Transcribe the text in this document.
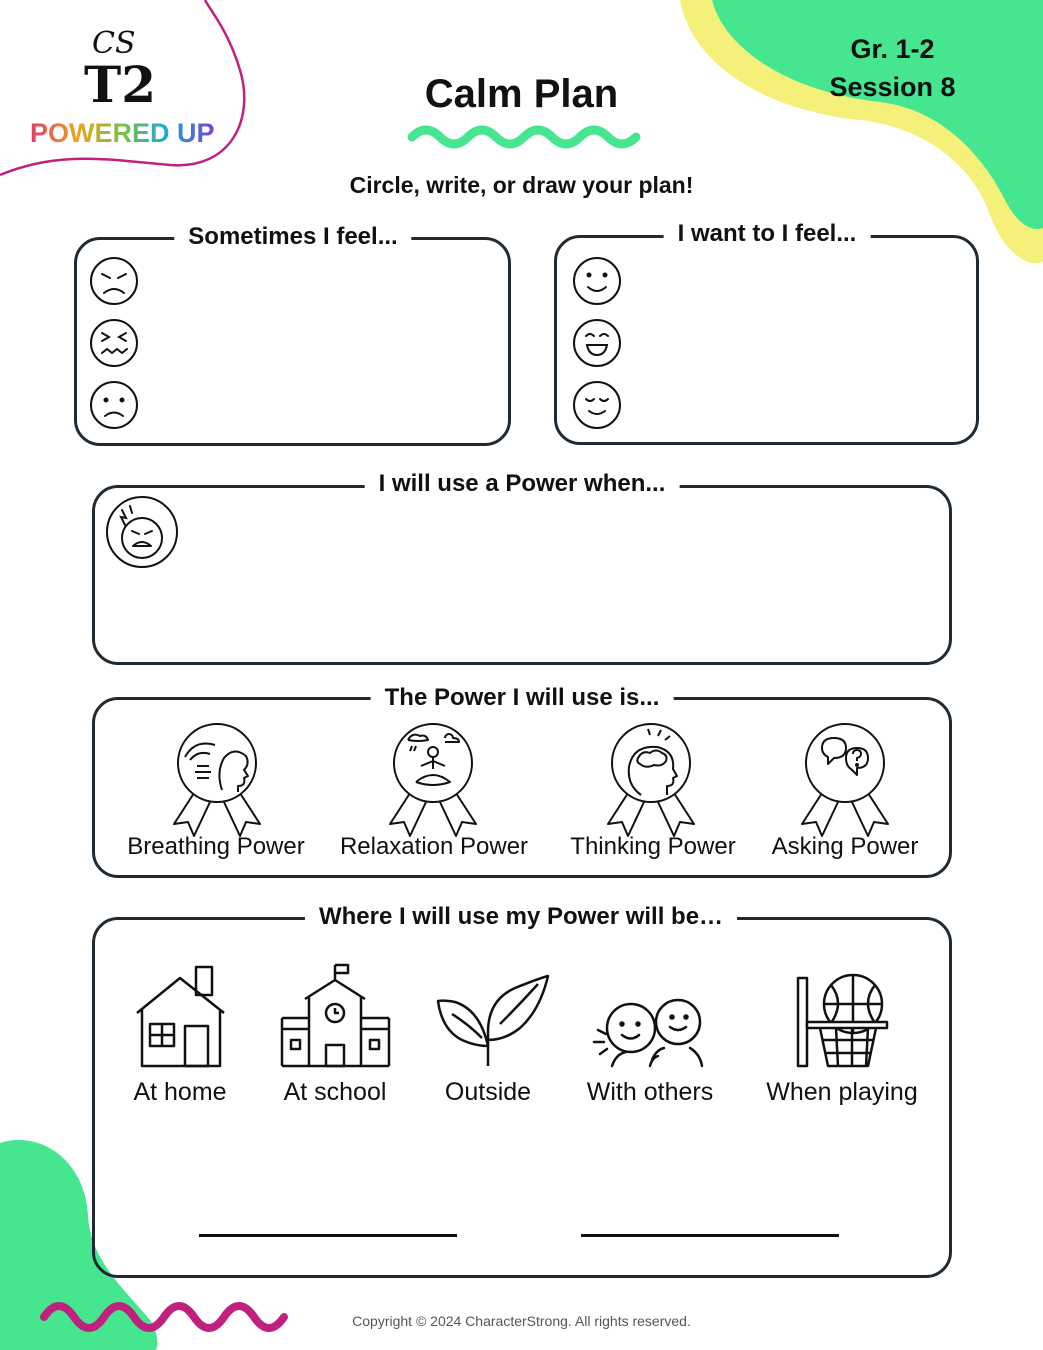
CS
T2
POWERED UP
Calm Plan
Gr. 1-2
Session 8
Circle, write, or draw your plan!
Sometimes I feel...	I want to I feel...
I will use a Power when...
The Power I will use is...
Breathing Power Relaxation Power Thinking Power Asking Power
Where I will use my Power will be…
At home At school Outside With others When playing
Copyright © 2024 CharacterStrong. All rights reserved.
